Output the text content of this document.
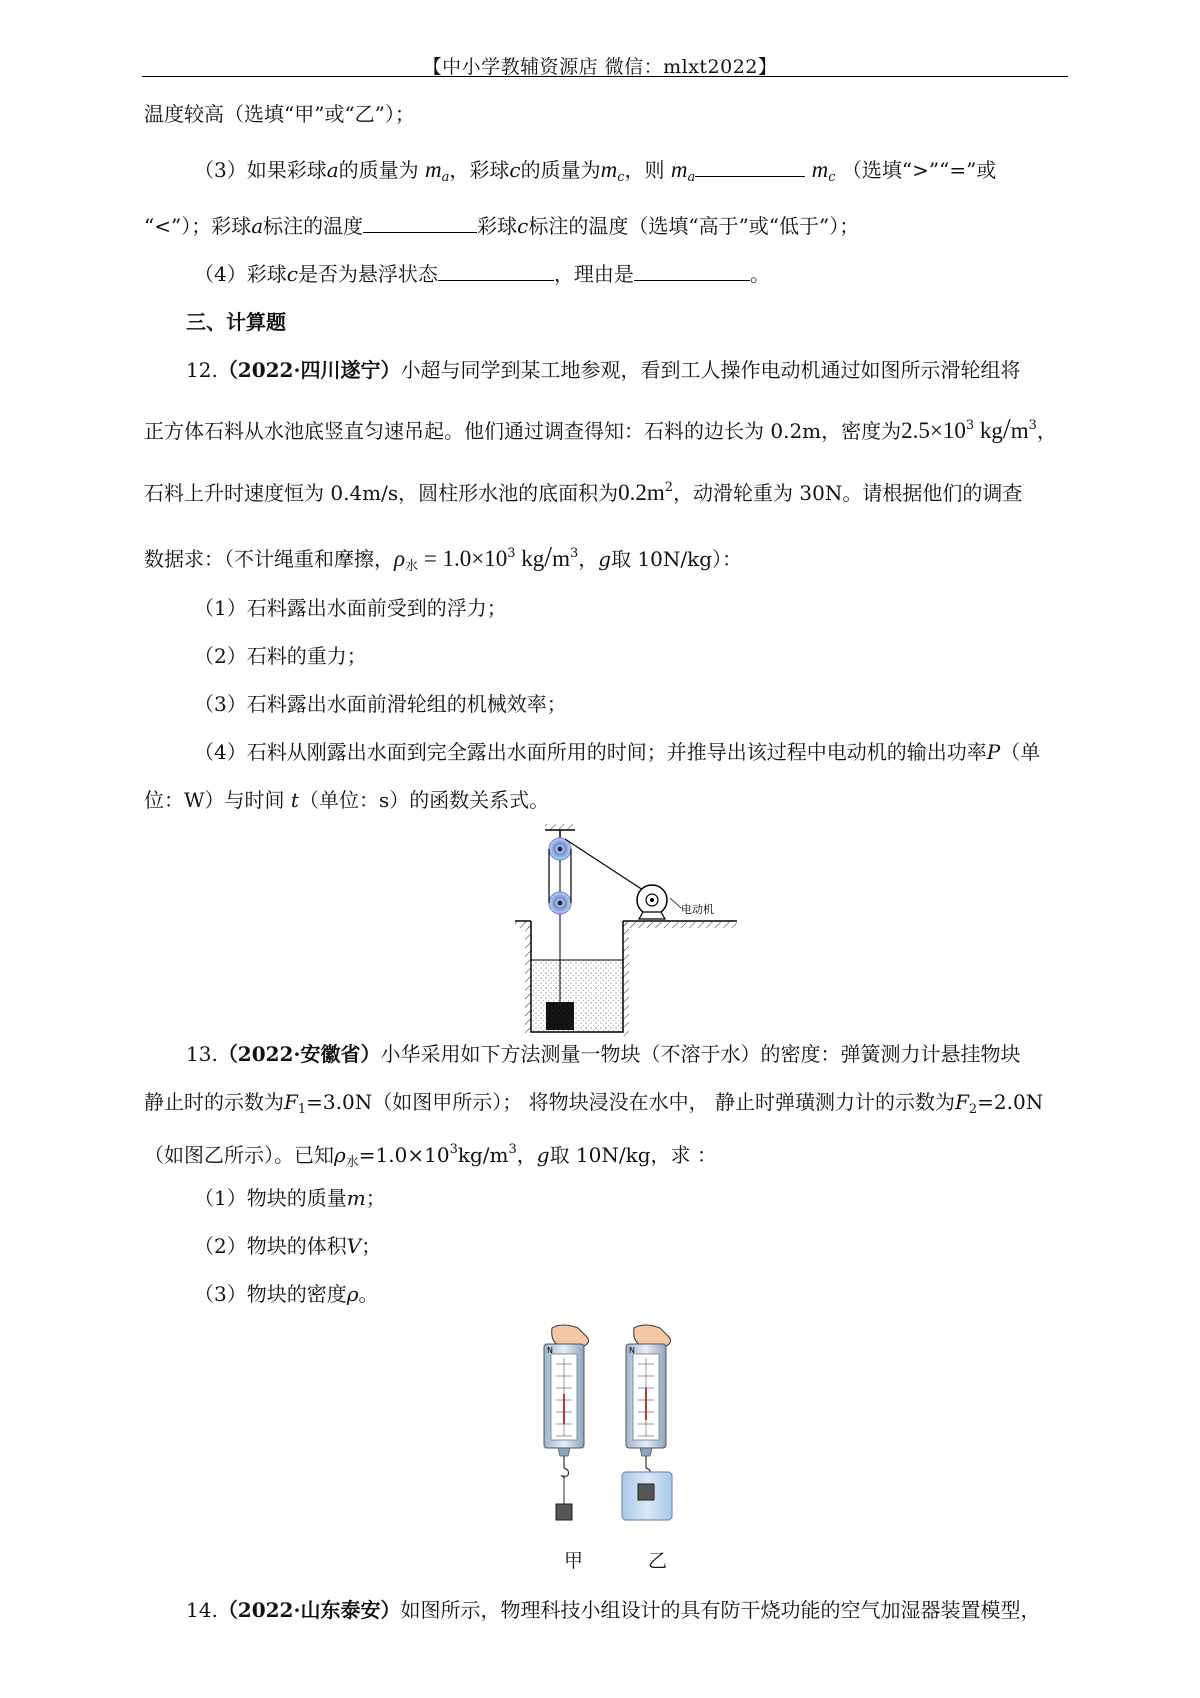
【中小学教辅资源店 微信：mlxt2022】
温度较高（选填“甲”或“乙”）；
（3）如果彩球a的质量为 $m_a$，彩球c的质量为$m_c$，则 $m_a$	$m_c$ （选填“>”“=”或
“<”）；彩球a标注的温度	彩球c标注的温度（选填“高于”或“低于”）；
（4）彩球c是否为悬浮状态	，理由是	。
三、计算题
12.（2022·四川遂宁）小超与同学到某工地参观，看到工人操作电动机通过如图所示滑轮组将
正方体石料从水池底竖直匀速吊起。他们通过调查得知：石料的边长为 0.2m，密度为$2.5\times 10^3$ $kg/m^3$，
石料上升时速度恒为 0.4m/s，圆柱形水池的底面积为$0.2m^2$，动滑轮重为 30N。请根据他们的调查
数据求：（不计绳重和摩擦，$\rho_水 = 1.0\times 10^3$ $kg/m^3$，g取 10N/kg）：
（1）石料露出水面前受到的浮力；
（2）石料的重力；
（3）石料露出水面前滑轮组的机械效率；
（4）石料从刚露出水面到完全露出水面所用的时间；并推导出该过程中电动机的输出功率P（单
位：W）与时间 t（单位：s）的函数关系式。
电动机
13.（2022·安徽省）小华采用如下方法测量一物块（不溶于水）的密度：弹簧测力计悬挂物块
静止时的示数为$F_1=3.0N$（如图甲所示）； 将物块浸没在水中， 静止时弹璜测力计的示数为$F_2=2.0N$
（如图乙所示）。已知$\rho_水=1.0\times 10^3kg/m^3$，g取 10N/kg，求 ：
（1）物块的质量m；
（2）物块的体积V；
（3）物块的密度ρ。
N	N
甲	乙
14.（2022·山东泰安）如图所示，物理科技小组设计的具有防干烧功能的空气加湿器装置模型，
